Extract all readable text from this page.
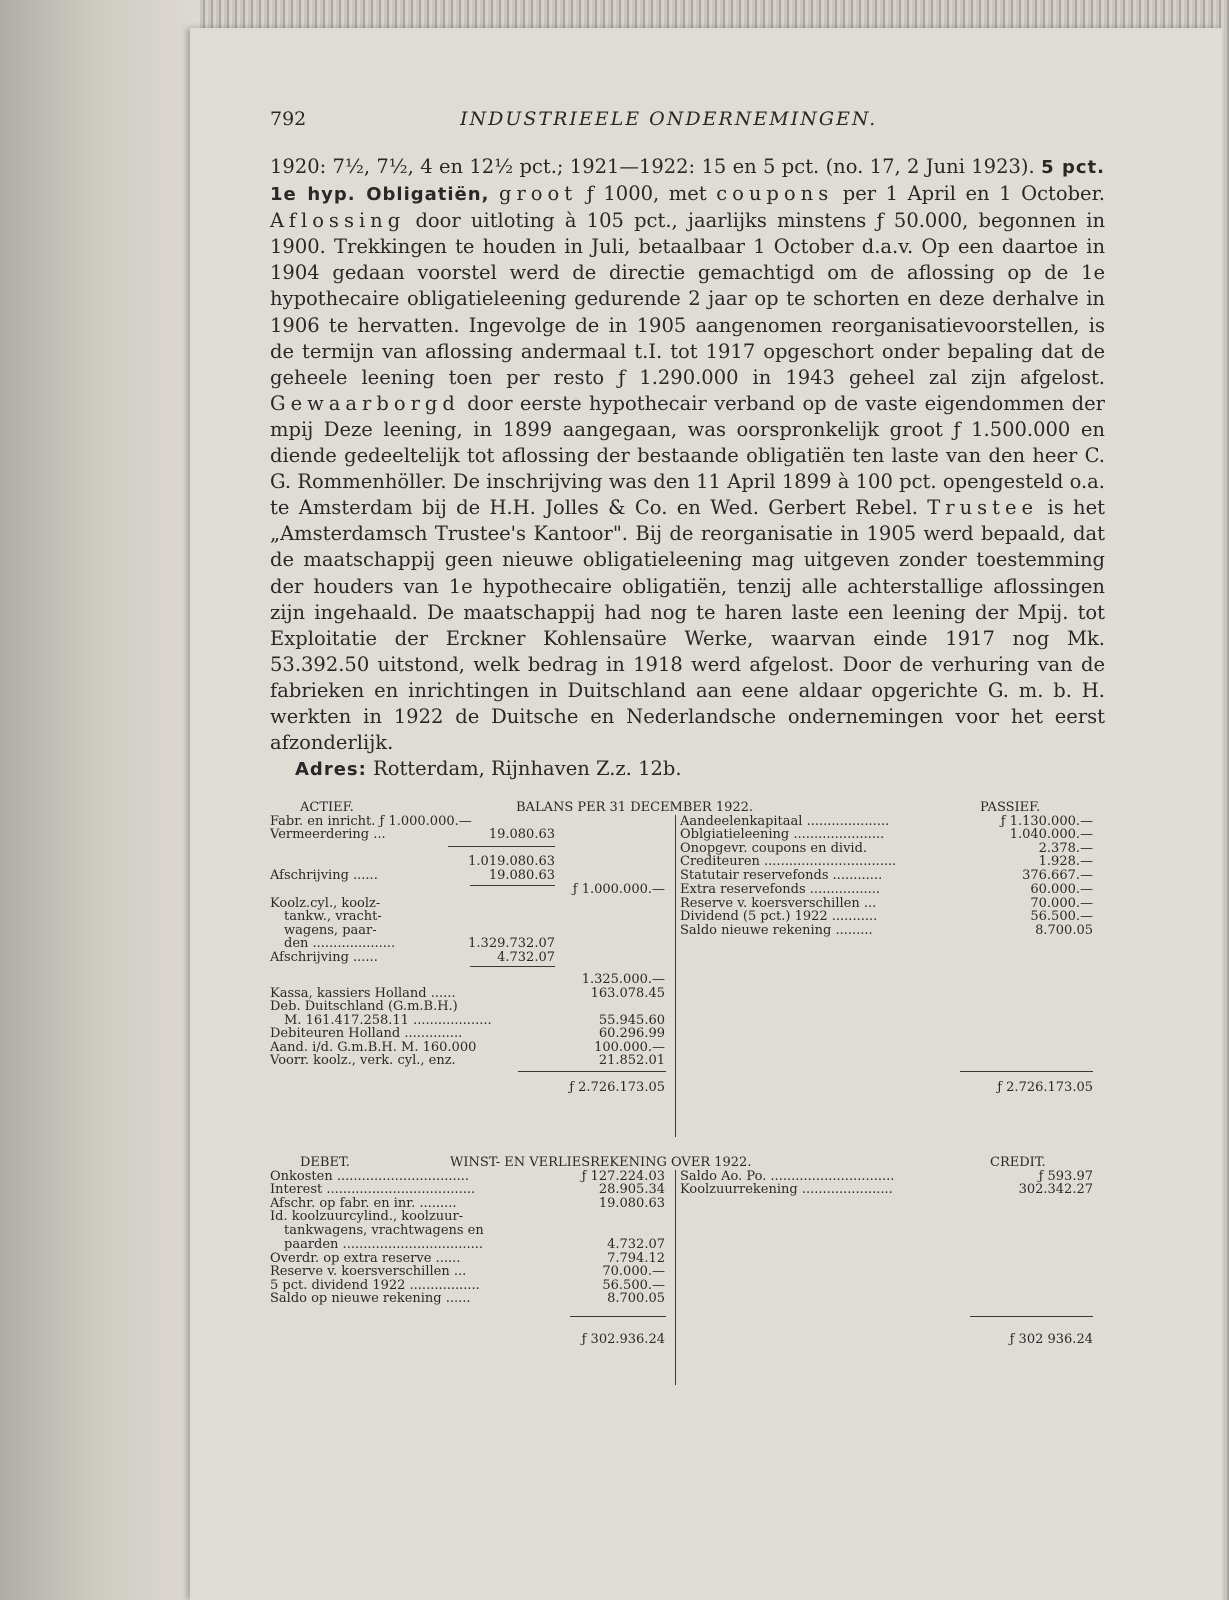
792	INDUSTRIEELE ONDERNEMINGEN.
1920: 7½, 7½, 4 en 12½ pct.; 1921—1922: 15 en 5 pct. (no. 17, 2 Juni 1923). 5 pct. 1e hyp. Obligatiën, groot ƒ 1000, met coupons per 1 April en 1 October. Aflossing door uitloting à 105 pct., jaarlijks minstens ƒ 50.000, begonnen in 1900. Trekkingen te houden in Juli, betaalbaar 1 October d.a.v. Op een daartoe in 1904 gedaan voorstel werd de directie gemachtigd om de aflossing op de 1e hypothecaire obligatieleening gedurende 2 jaar op te schorten en deze derhalve in 1906 te hervatten. Ingevolge de in 1905 aangenomen reorganisatievoorstellen, is de termijn van aflossing andermaal t.I. tot 1917 opgeschort onder bepaling dat de geheele leening toen per resto ƒ 1.290.000 in 1943 geheel zal zijn afgelost. Gewaarborgd door eerste hypothecair verband op de vaste eigendommen der mpij Deze leening, in 1899 aangegaan, was oorspronkelijk groot ƒ 1.500.000 en diende gedeeltelijk tot aflossing der bestaande obligatiën ten laste van den heer C. G. Rommenhöller. De inschrijving was den 11 April 1899 à 100 pct. opengesteld o.a. te Amsterdam bij de H.H. Jolles & Co. en Wed. Gerbert Rebel. Trustee is het „Amsterdamsch Trustee's Kantoor". Bij de reorganisatie in 1905 werd bepaald, dat de maatschappij geen nieuwe obligatieleening mag uitgeven zonder toestemming der houders van 1e hypothecaire obligatiën, tenzij alle achterstallige aflossingen zijn ingehaald. De maatschappij had nog te haren laste een leening der Mpij. tot Exploitatie der Erckner Kohlensaüre Werke, waarvan einde 1917 nog Mk. 53.392.50 uitstond, welk bedrag in 1918 werd afgelost. Door de verhuring van de fabrieken en inrichtingen in Duitschland aan eene aldaar opgerichte G. m. b. H. werkten in 1922 de Duitsche en Nederlandsche ondernemingen voor het eerst afzonderlijk.
Adres: Rotterdam, Rijnhaven Z.z. 12b.
ACTIEF.	BALANS PER 31 DECEMBER 1922.	PASSIEF.
Fabr. en inricht. ƒ 1.000.000.—
Vermeerdering ...	19.080.63
1.019.080.63
Afschrijving ......	19.080.63
ƒ 1.000.000.—
Koolz.cyl., koolz-
tankw., vracht-
wagens, paar-
den ....................	1.329.732.07
Afschrijving ......	4.732.07
1.325.000.—
Kassa, kassiers Holland ......	163.078.45
Deb. Duitschland (G.m.B.H.)
M. 161.417.258.11 ...................	55.945.60
Debiteuren Holland ..............	60.296.99
Aand. i/d. G.m.B.H. M. 160.000	100.000.—
Voorr. koolz., verk. cyl., enz.	21.852.01
ƒ 2.726.173.05
Aandeelenkapitaal ....................	ƒ 1.130.000.—
Oblgiatieleening ......................	1.040.000.—
Onopgevr. coupons en divid.	2.378.—
Crediteuren ................................	1.928.—
Statutair reservefonds ............	376.667.—
Extra reservefonds .................	60.000.—
Reserve v. koersverschillen ...	70.000.—
Dividend (5 pct.) 1922 ...........	56.500.—
Saldo nieuwe rekening .........	8.700.05
ƒ 2.726.173.05
DEBET.	WINST- EN VERLIESREKENING OVER 1922.	CREDIT.
Onkosten ................................	ƒ 127.224.03
Interest ....................................	28.905.34
Afschr. op fabr. en inr. .........	19.080.63
Id. koolzuurcylind., koolzuur-
tankwagens, vrachtwagens en
paarden ..................................	4.732.07
Overdr. op extra reserve ......	7.794.12
Reserve v. koersverschillen ...	70.000.—
5 pct. dividend 1922 .................	56.500.—
Saldo op nieuwe rekening ......	8.700.05
ƒ 302.936.24
Saldo Ao. Po. ..............................	ƒ 593.97
Koolzuurrekening ......................	302.342.27
ƒ 302 936.24
